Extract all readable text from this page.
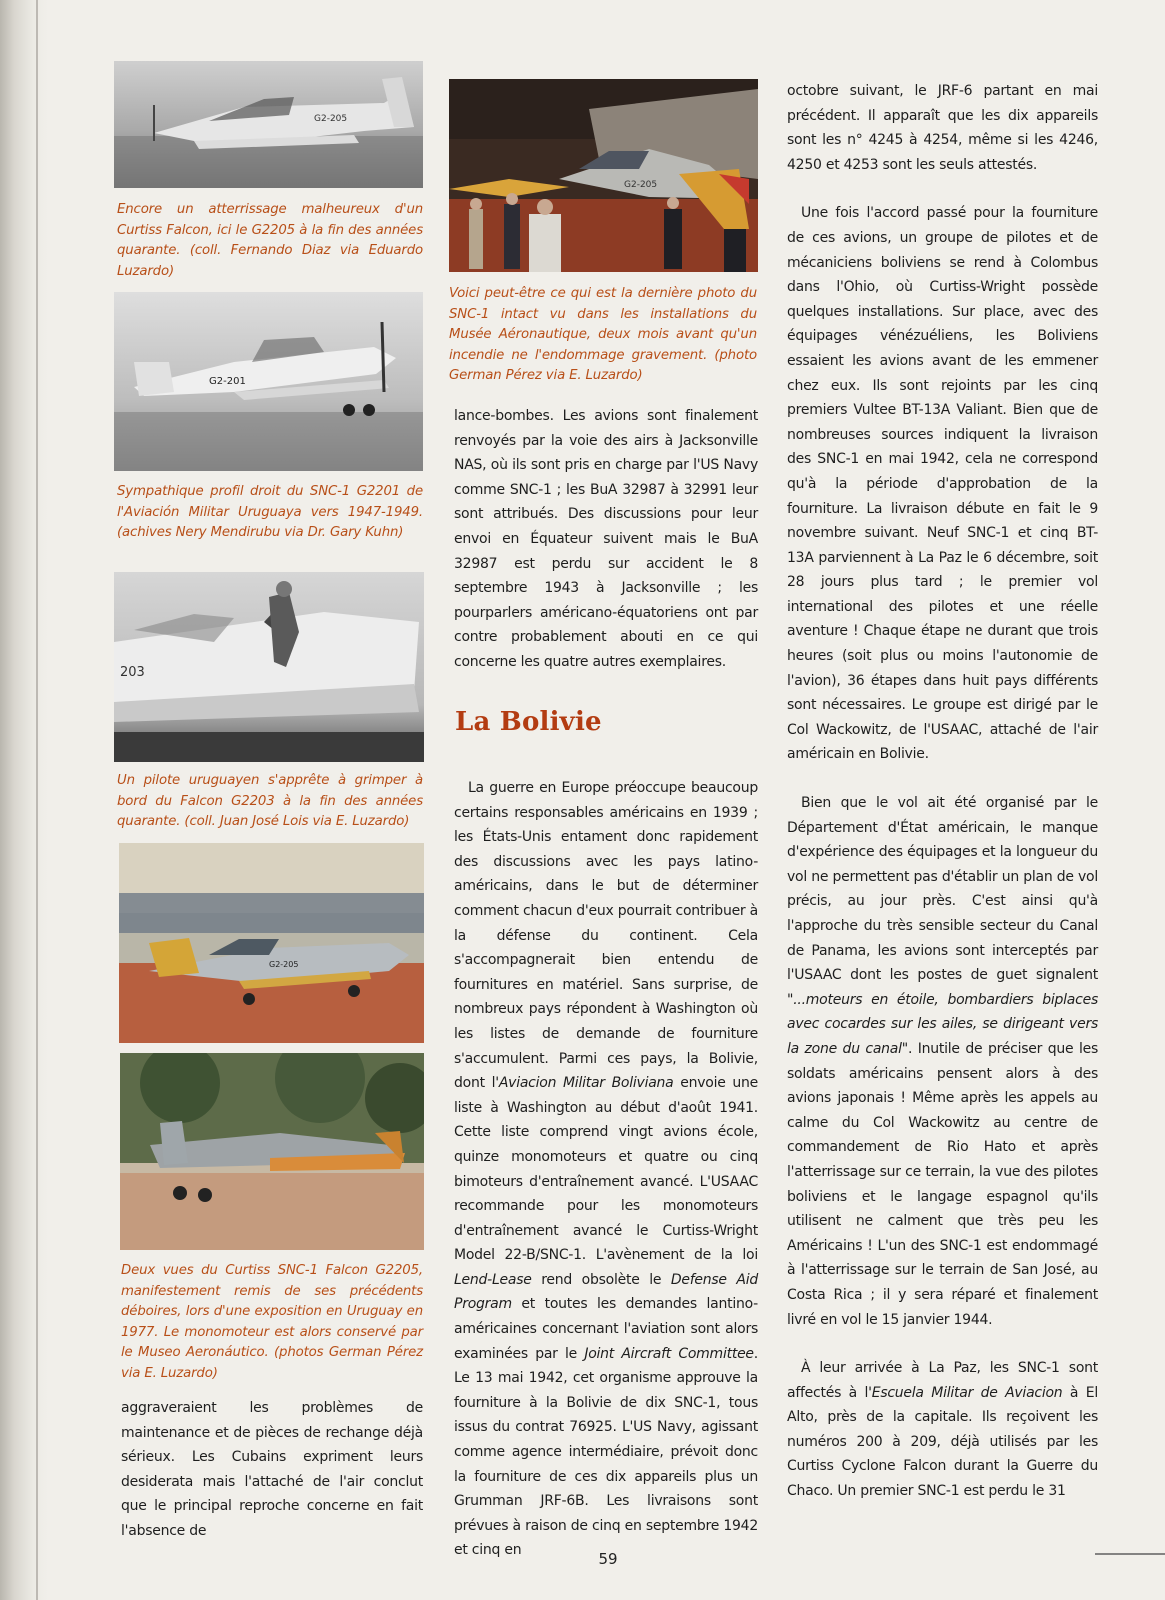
G2-205
Encore un atterrissage malheureux d'un Curtiss Falcon, ici le G2205 à la fin des années quarante. (coll. Fernando Diaz via Eduardo Luzardo)
G2-201
Sympathique profil droit du SNC-1 G2201 de l'Aviación Militar Uruguaya vers 1947-1949. (achives Nery Mendirubu via Dr. Gary Kuhn)
203
Un pilote uruguayen s'apprête à grimper à bord du Falcon G2203 à la fin des années quarante. (coll. Juan José Lois via E. Luzardo)
G2-205
Deux vues du Curtiss SNC-1 Falcon G2205, manifestement remis de ses précédents déboires, lors d'une exposition en Uruguay en 1977. Le monomoteur est alors conservé par le Museo Aeronáutico. (photos German Pérez via E. Luzardo)

aggraveraient les problèmes de maintenance et de pièces de rechange déjà sérieux. Les Cubains expriment leurs desiderata mais l'attaché de l'air conclut que le principal reproche concerne en fait l'absence de

G2-205
Voici peut-être ce qui est la dernière photo du SNC-1 intact vu dans les installations du Musée Aéronautique, deux mois avant qu'un incendie ne l'endommage gravement. (photo German Pérez via E. Luzardo)

lance-bombes. Les avions sont finalement renvoyés par la voie des airs à Jacksonville NAS, où ils sont pris en charge par l'US Navy comme SNC-1 ; les BuA 32987 à 32991 leur sont attribués. Des discussions pour leur envoi en Équateur suivent mais le BuA 32987 est perdu sur accident le 8 septembre 1943 à Jacksonville ; les pourparlers américano-équatoriens ont par contre probablement abouti en ce qui concerne les quatre autres exemplaires.

La Bolivie

La guerre en Europe préoccupe beaucoup certains responsables américains en 1939 ; les États-Unis entament donc rapidement des discussions avec les pays latino-américains, dans le but de déterminer comment chacun d'eux pourrait contribuer à la défense du continent. Cela s'accompagnerait bien entendu de fournitures en matériel. Sans surprise, de nombreux pays répondent à Washington où les listes de demande de fourniture s'accumulent. Parmi ces pays, la Bolivie, dont l'Aviacion Militar Boliviana envoie une liste à Washington au début d'août 1941. Cette liste comprend vingt avions école, quinze monomoteurs et quatre ou cinq bimoteurs d'entraînement avancé. L'USAAC recommande pour les monomoteurs d'entraînement avancé le Curtiss-Wright Model 22-B/SNC-1. L'avènement de la loi Lend-Lease rend obsolète le Defense Aid Program et toutes les demandes lantino-américaines concernant l'aviation sont alors examinées par le Joint Aircraft Committee. Le 13 mai 1942, cet organisme approuve la fourniture à la Bolivie de dix SNC-1, tous issus du contrat 76925. L'US Navy, agissant comme agence intermédiaire, prévoit donc la fourniture de ces dix appareils plus un Grumman JRF-6B. Les livraisons sont prévues à raison de cinq en septembre 1942 et cinq en

octobre suivant, le JRF-6 partant en mai précédent. Il apparaît que les dix appareils sont les n° 4245 à 4254, même si les 4246, 4250 et 4253 sont les seuls attestés.

Une fois l'accord passé pour la fourniture de ces avions, un groupe de pilotes et de mécaniciens boliviens se rend à Colombus dans l'Ohio, où Curtiss-Wright possède quelques installations. Sur place, avec des équipages vénézuéliens, les Boliviens essaient les avions avant de les emmener chez eux. Ils sont rejoints par les cinq premiers Vultee BT-13A Valiant. Bien que de nombreuses sources indiquent la livraison des SNC-1 en mai 1942, cela ne correspond qu'à la période d'approbation de la fourniture. La livraison débute en fait le 9 novembre suivant. Neuf SNC-1 et cinq BT-13A parviennent à La Paz le 6 décembre, soit 28 jours plus tard ; le premier vol international des pilotes et une réelle aventure ! Chaque étape ne durant que trois heures (soit plus ou moins l'autonomie de l'avion), 36 étapes dans huit pays différents sont nécessaires. Le groupe est dirigé par le Col Wackowitz, de l'USAAC, attaché de l'air américain en Bolivie.

Bien que le vol ait été organisé par le Département d'État américain, le manque d'expérience des équipages et la longueur du vol ne permettent pas d'établir un plan de vol précis, au jour près. C'est ainsi qu'à l'approche du très sensible secteur du Canal de Panama, les avions sont interceptés par l'USAAC dont les postes de guet signalent "...moteurs en étoile, bombardiers biplaces avec cocardes sur les ailes, se dirigeant vers la zone du canal". Inutile de préciser que les soldats américains pensent alors à des avions japonais ! Même après les appels au calme du Col Wackowitz au centre de commandement de Rio Hato et après l'atterrissage sur ce terrain, la vue des pilotes boliviens et le langage espagnol qu'ils utilisent ne calment que très peu les Américains ! L'un des SNC-1 est endommagé à l'atterrissage sur le terrain de San José, au Costa Rica ; il y sera réparé et finalement livré en vol le 15 janvier 1944.

À leur arrivée à La Paz, les SNC-1 sont affectés à l'Escuela Militar de Aviacion à El Alto, près de la capitale. Ils reçoivent les numéros 200 à 209, déjà utilisés par les Curtiss Cyclone Falcon durant la Guerre du Chaco. Un premier SNC-1 est perdu le 31

59
